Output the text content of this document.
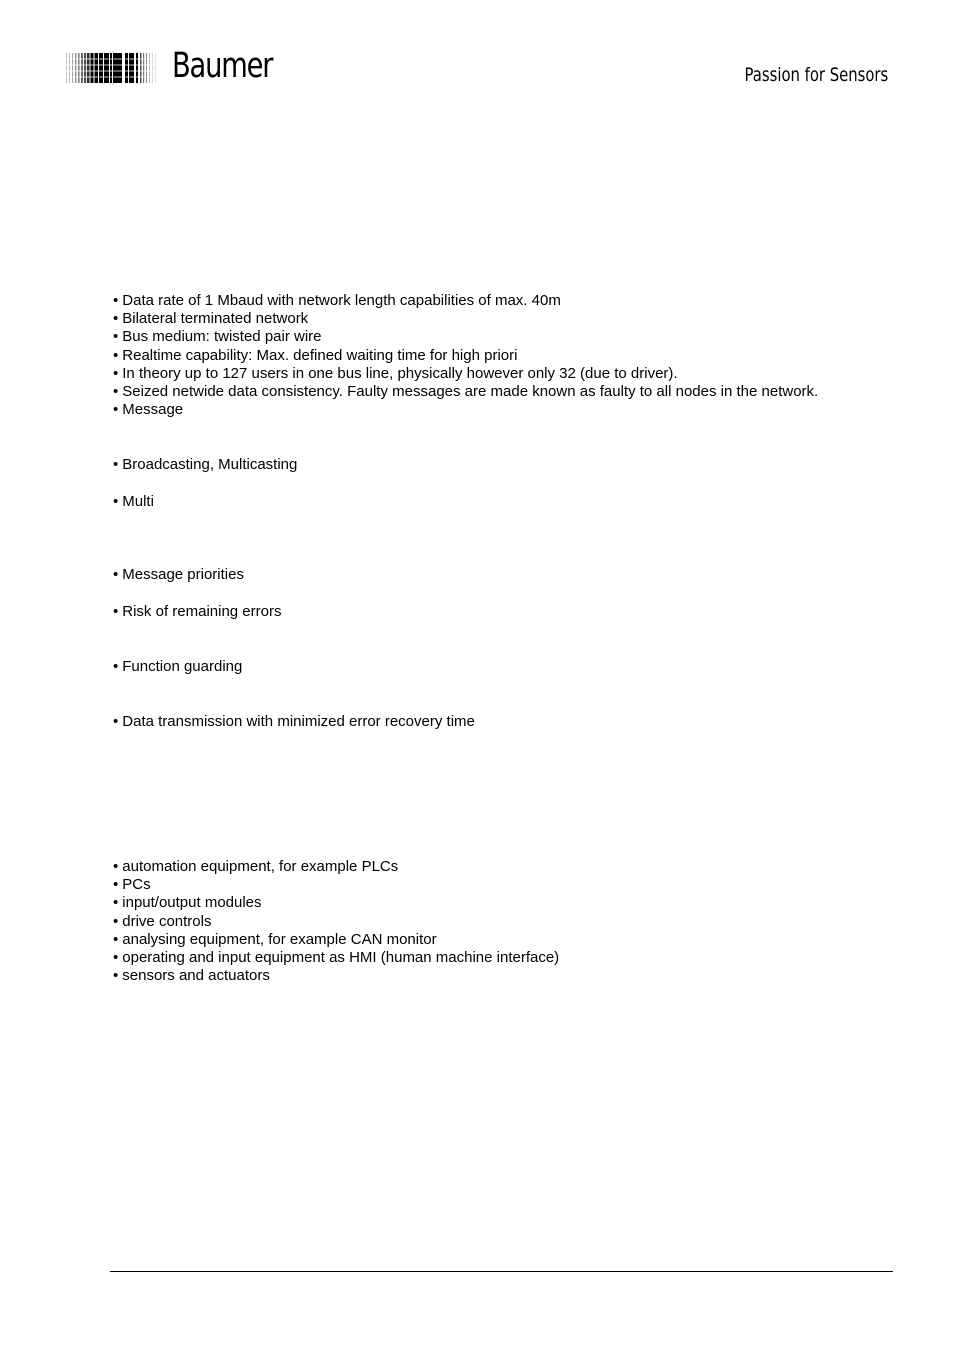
Baumer	Passion for Sensors
• Data rate of 1 Mbaud with network length capabilities of max. 40m
• Bilateral terminated network
• Bus medium: twisted pair wire
• Realtime capability: Max. defined waiting time for high priori
• In theory up to 127 users in one bus line, physically however only 32 (due to driver).
• Seized netwide data consistency. Faulty messages are made known as faulty to all nodes in the network.
• Message
• Broadcasting, Multicasting
• Multi
• Message priorities
• Risk of remaining errors
• Function guarding
• Data transmission with minimized error recovery time
• automation equipment, for example PLCs
• PCs
• input/output modules
• drive controls
• analysing equipment, for example CAN monitor
• operating and input equipment as HMI (human machine interface)
• sensors and actuators
